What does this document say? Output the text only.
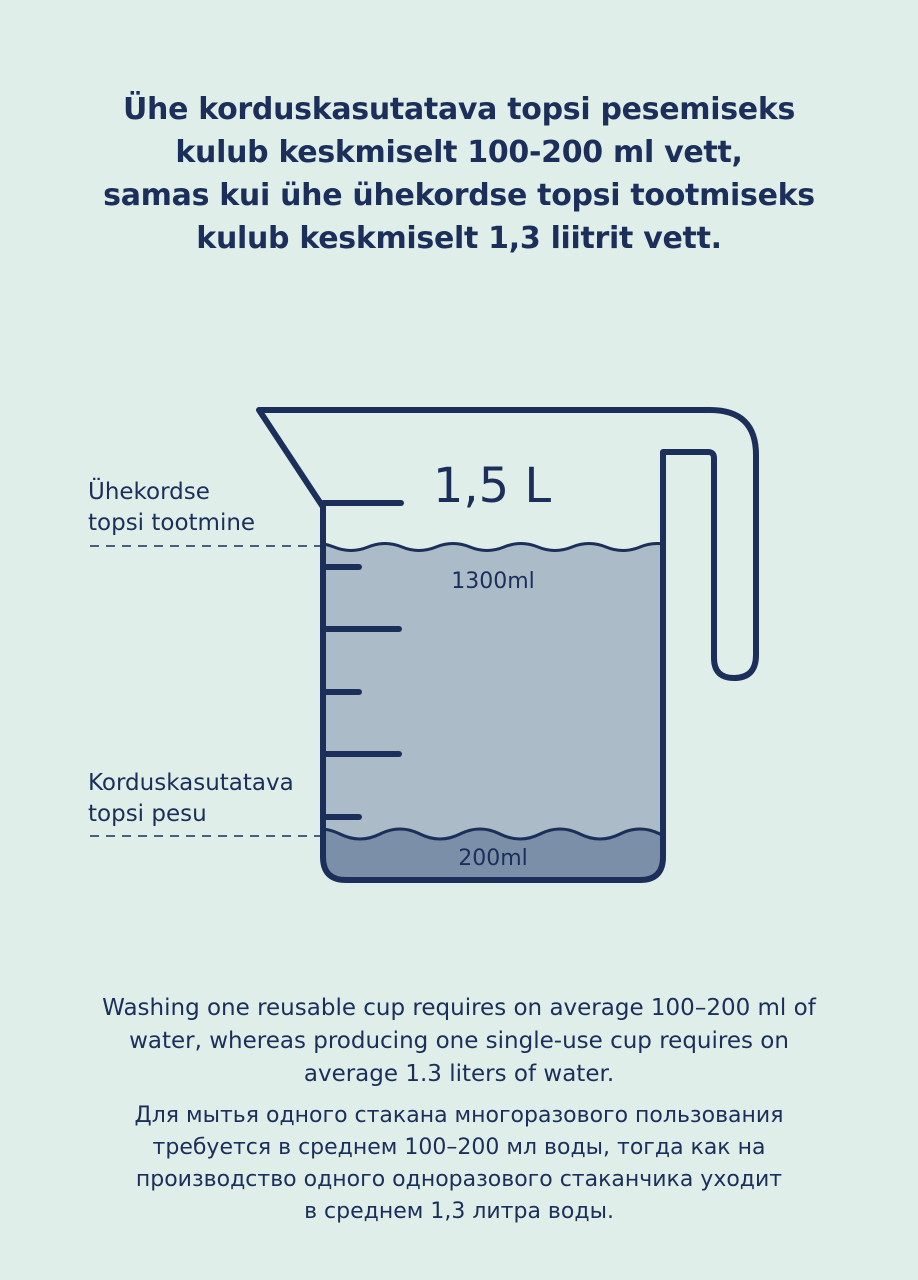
Ühe korduskasutatava topsi pesemiseks
kulub keskmiselt 100-200 ml vett,
samas kui ühe ühekordse topsi tootmiseks
kulub keskmiselt 1,3 liitrit vett.
1,5 L
1300ml
200ml
Ühekordse
topsi tootmine
Korduskasutatava
topsi pesu
Washing one reusable cup requires on average 100–200 ml of
water, whereas producing one single-use cup requires on
average 1.3 liters of water.
Для мытья одного стакана многоразового пользования
требуется в среднем 100–200 мл воды, тогда как на
производство одного одноразового стаканчика уходит
в среднем 1,3 литра воды.
